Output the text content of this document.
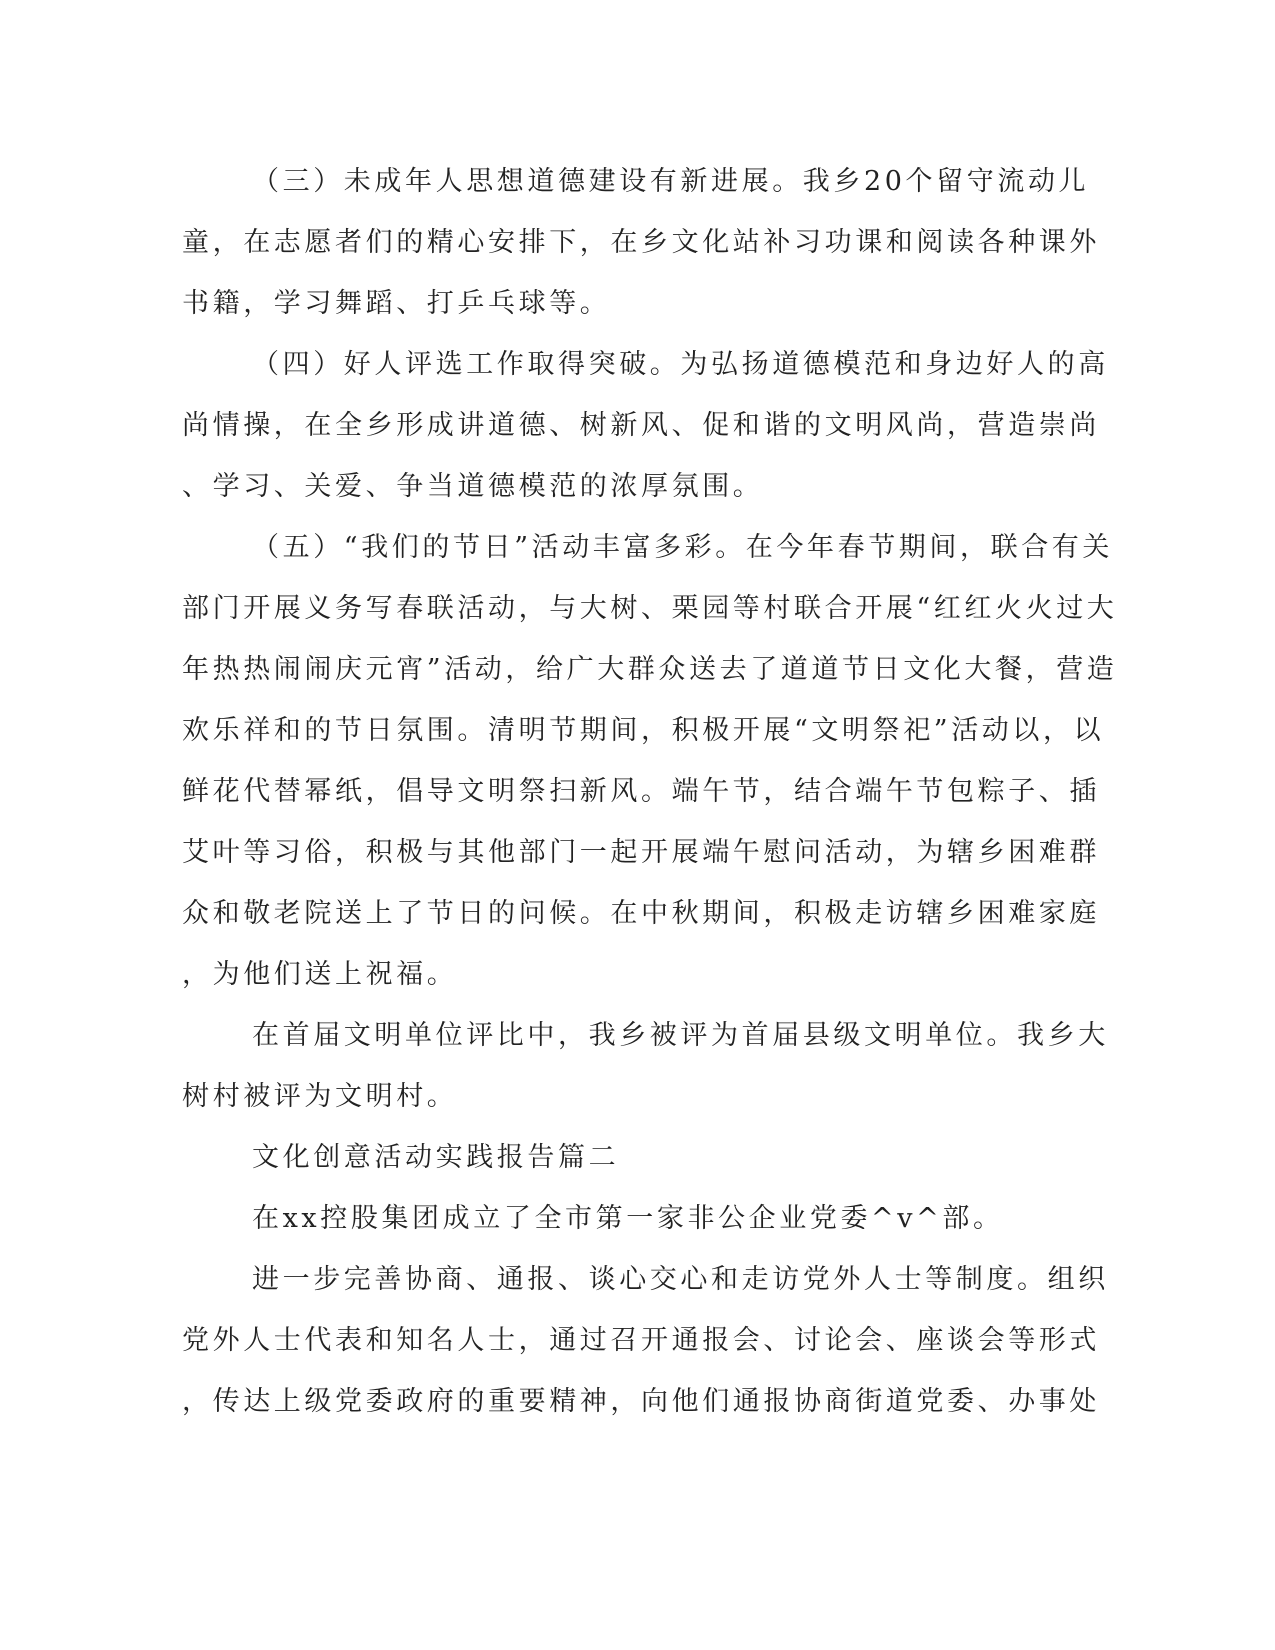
（三）未成年人思想道德建设有新进展。我乡20个留守流动儿
童，在志愿者们的精心安排下，在乡文化站补习功课和阅读各种课外
书籍，学习舞蹈、打乒乓球等。
（四）好人评选工作取得突破。为弘扬道德模范和身边好人的高
尚情操，在全乡形成讲道德、树新风、促和谐的文明风尚，营造崇尚
、学习、关爱、争当道德模范的浓厚氛围。
（五）“我们的节日”活动丰富多彩。在今年春节期间，联合有关
部门开展义务写春联活动，与大树、栗园等村联合开展“红红火火过大
年热热闹闹庆元宵”活动，给广大群众送去了道道节日文化大餐，营造
欢乐祥和的节日氛围。清明节期间，积极开展“文明祭祀”活动以，以
鲜花代替幂纸，倡导文明祭扫新风。端午节，结合端午节包粽子、插
艾叶等习俗，积极与其他部门一起开展端午慰问活动，为辖乡困难群
众和敬老院送上了节日的问候。在中秋期间，积极走访辖乡困难家庭
，为他们送上祝福。
在首届文明单位评比中，我乡被评为首届县级文明单位。我乡大
树村被评为文明村。
文化创意活动实践报告篇二
在xx控股集团成立了全市第一家非公企业党委^v^部。
进一步完善协商、通报、谈心交心和走访党外人士等制度。组织
党外人士代表和知名人士，通过召开通报会、讨论会、座谈会等形式
，传达上级党委政府的重要精神，向他们通报协商街道党委、办事处
